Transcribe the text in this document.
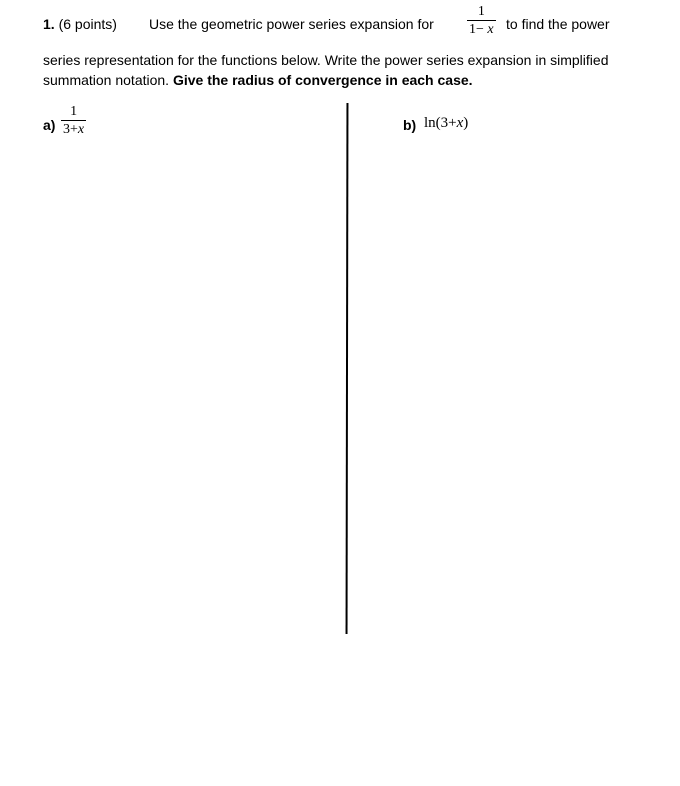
1. (6 points) Use the geometric power series expansion for
1
1− x to find the power
series representation for the functions below. Write the power series expansion in simplified summation notation. Give the radius of convergence in each case.
a)
1
3+x	b) ln(3+x)
